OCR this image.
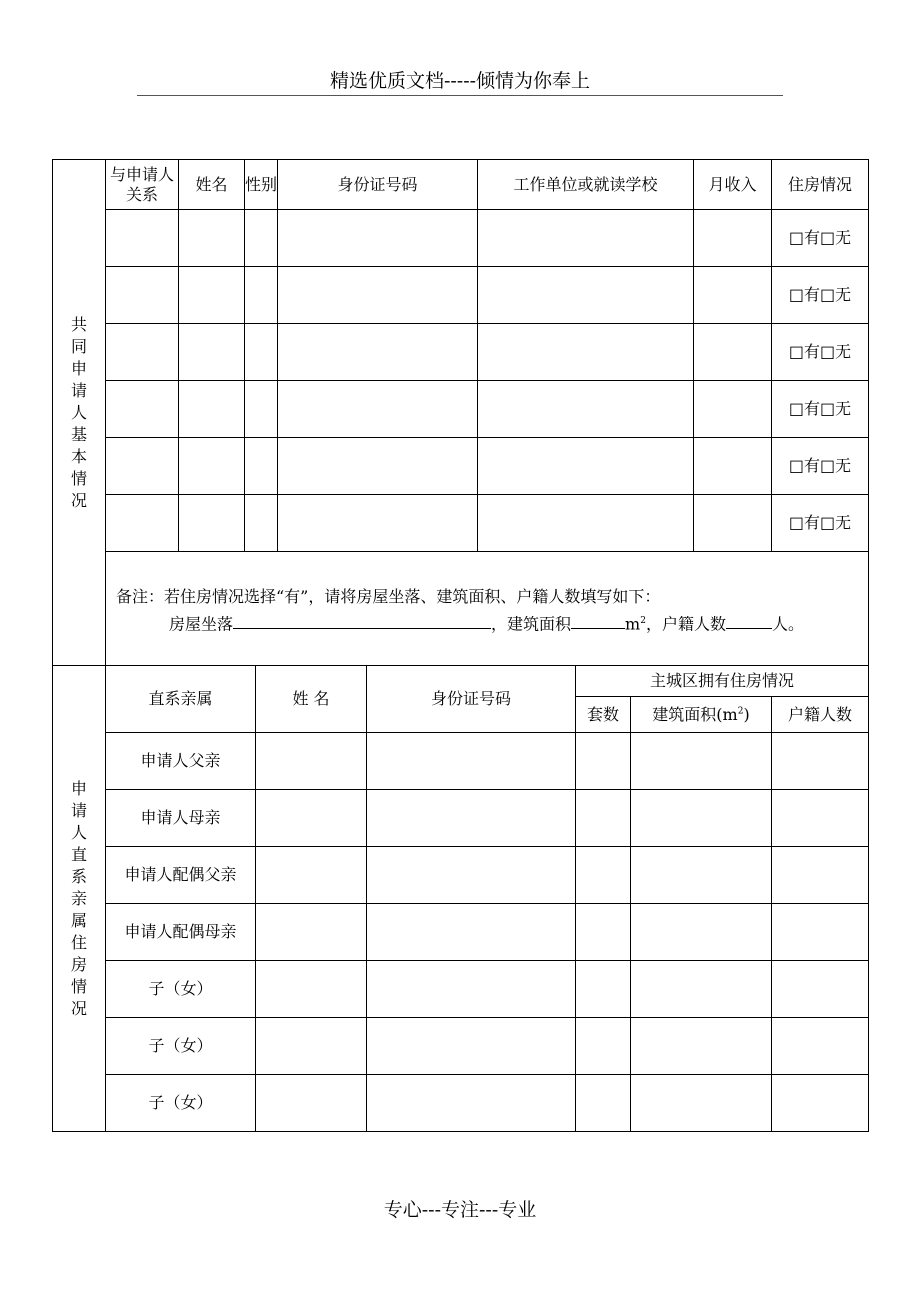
精选优质文档-----倾情为你奉上
共同申请人基本情况	与申请人关系	姓名	性别	身份证号码	工作单位或就读学校	月收入	住房情况
							□有□无
							□有□无
							□有□无
							□有□无
							□有□无
							□有□无

	备注：若住房情况选择“有”，请将房屋坐落、建筑面积、户籍人数填写如下：
房屋坐落 ，建筑面积 $m^2$，户籍人数 人。						
申请人直系亲属住房情况	直系亲属	姓 名	身份证号码	主城区拥有住房情况		
				套数	建筑面积$(m^2)$	户籍人数
	申请人父亲					
	申请人母亲					
	申请人配偶父亲					
	申请人配偶母亲					
	子（女）					
	子（女）					
	子（女）					
专心---专注---专业
